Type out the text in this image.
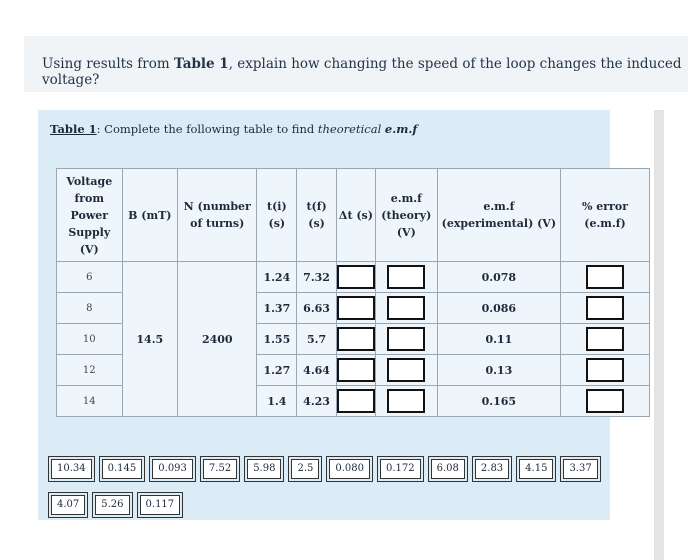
Using results from Table 1, explain how changing the speed of the loop changes the induced voltage?
Table 1: Complete the following table to find theoretical e.m.f
Voltage from Power Supply (V)	B (mT)	N (number of turns)	t(i) (s)	t(f) (s)	Δt (s)	e.m.f (theory) (V)	e.m.f (experimental) (V)	% error (e.m.f)
6	14.5	2400	1.24	7.32			0.078	
8			1.37	6.63			0.086	
10			1.55	5.7			0.11	
12			1.27	4.64			0.13	
14			1.4	4.23			0.165	
10.34	0.145	0.093	7.52	5.98	2.5	0.080	0.172	6.08	2.83	4.15	3.37
4.07	5.26	0.117
